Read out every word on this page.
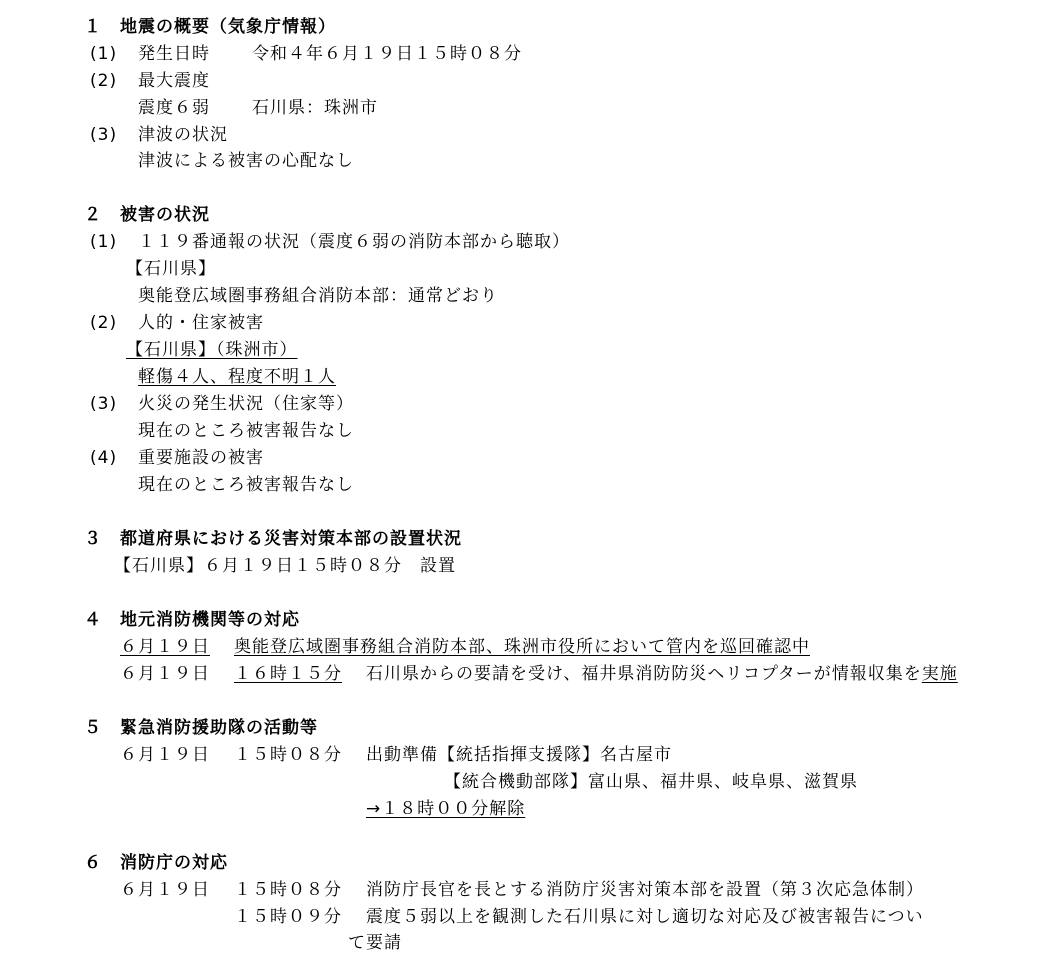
１　地震の概要（気象庁情報）
(1) 発生日時 令和４年６月１９日１５時０８分
(2) 最大震度
震度６弱 石川県：珠洲市
(3) 津波の状況
津波による被害の心配なし
２　被害の状況
(1) １１９番通報の状況（震度６弱の消防本部から聴取）
【石川県】
奥能登広域圏事務組合消防本部：通常どおり
(2) 人的・住家被害
【石川県】（珠洲市）
軽傷４人、程度不明１人
(3) 火災の発生状況（住家等）
現在のところ被害報告なし
(4) 重要施設の被害
現在のところ被害報告なし
３　都道府県における災害対策本部の設置状況
【石川県】６月１９日１５時０８分　設置
４　地元消防機関等の対応
６月１９日 奥能登広域圏事務組合消防本部、珠洲市役所において管内を巡回確認中
６月１９日 １６時１５分 石川県からの要請を受け、福井県消防防災ヘリコプターが情報収集を実施
５　緊急消防援助隊の活動等
６月１９日 １５時０８分 出動準備【統括指揮支援隊】名古屋市
【統合機動部隊】富山県、福井県、岐阜県、滋賀県
→１８時００分解除
６　消防庁の対応
６月１９日 １５時０８分 消防庁長官を長とする消防庁災害対策本部を設置（第３次応急体制）
１５時０９分 震度５弱以上を観測した石川県に対し適切な対応及び被害報告につい
て要請
